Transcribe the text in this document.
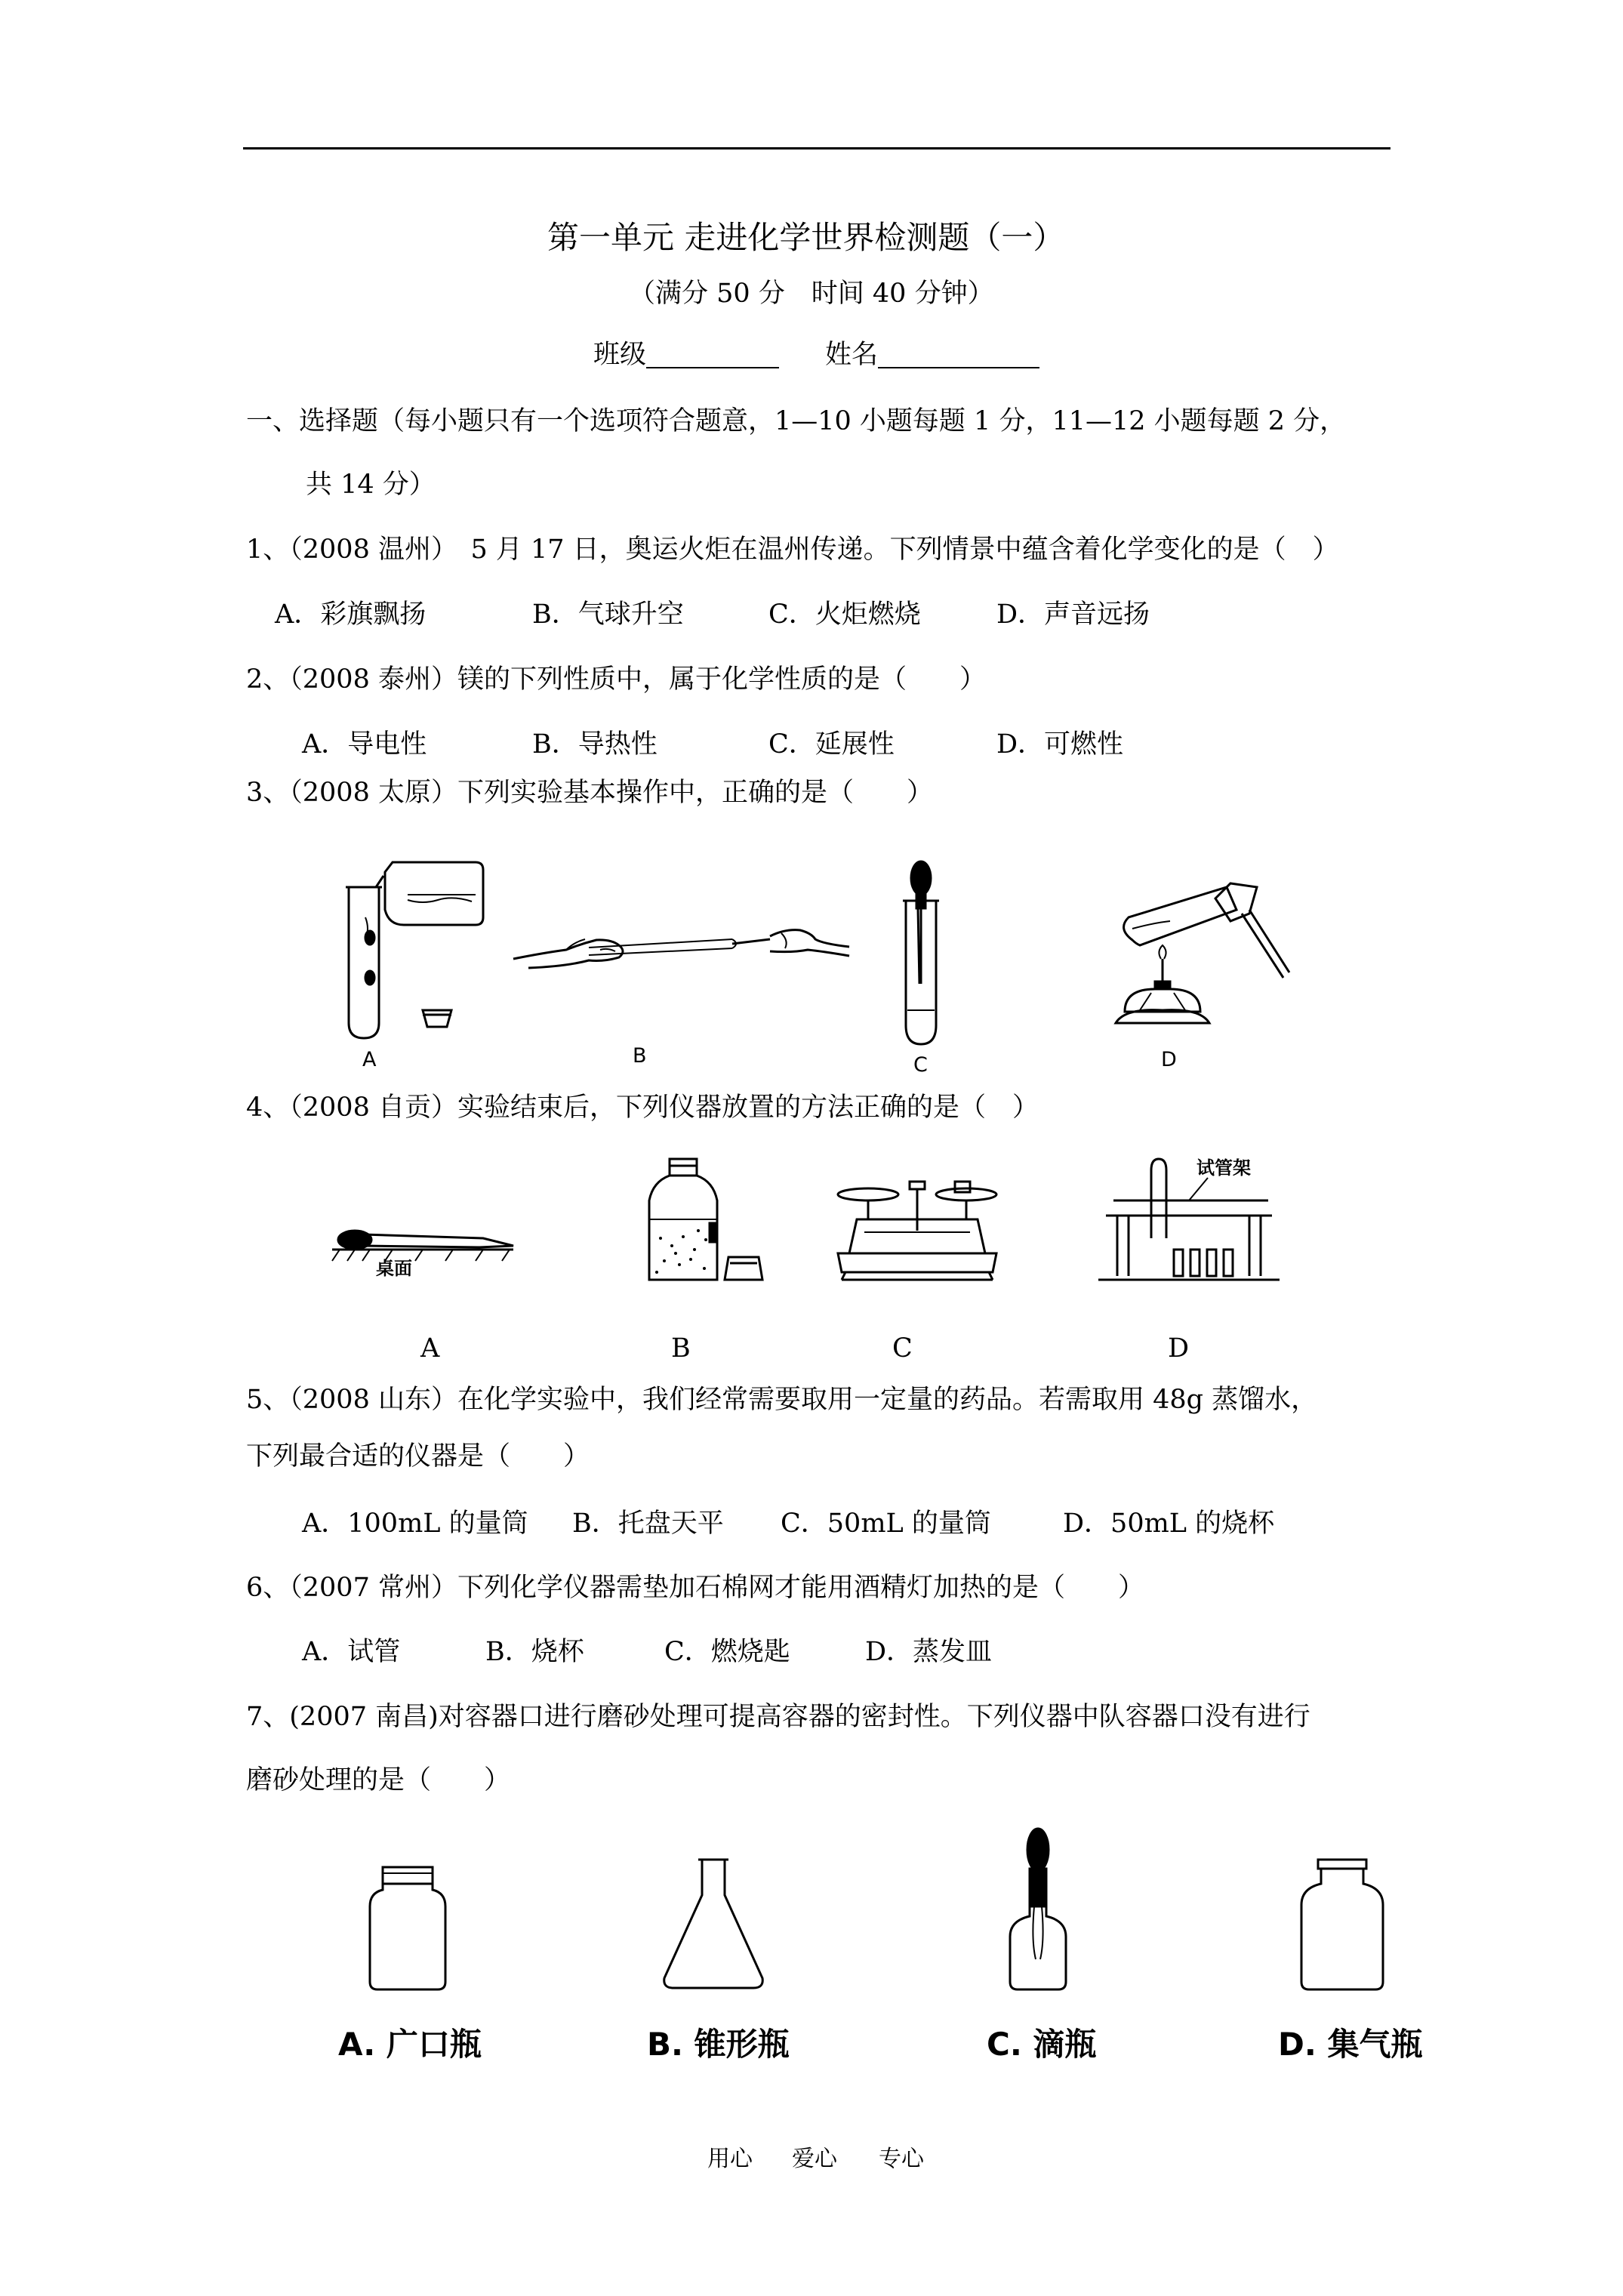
第一单元 走进化学世界检测题（一）
（满分 50 分　时间 40 分钟）
班级	姓名
一、选择题（每小题只有一个选项符合题意，1—10 小题每题 1 分，11—12 小题每题 2 分，
共 14 分）
1、（2008 温州）　5 月 17 日，奥运火炬在温州传递。下列情景中蕴含着化学变化的是（　）
A．彩旗飘扬	B．气球升空	C．火炬燃烧	D．声音远扬
2、（2008 泰州）镁的下列性质中，属于化学性质的是（　　）
A．导电性	B．导热性	C．延展性	D．可燃性
3、（2008 太原）下列实验基本操作中，正确的是（　　）
A	B	C	D
4、（2008 自贡）实验结束后，下列仪器放置的方法正确的是（　）
桌面
A	B	C
试管架
D
5、（2008 山东）在化学实验中，我们经常需要取用一定量的药品。若需取用 48g 蒸馏水，
下列最合适的仪器是（　　）
A．100mL 的量筒 B．托盘天平 C．50mL 的量筒	D．50mL 的烧杯
6、（2007 常州）下列化学仪器需垫加石棉网才能用酒精灯加热的是（　　）
A．试管	B．烧杯	C．燃烧匙	D．蒸发皿
7、(2007 南昌)对容器口进行磨砂处理可提高容器的密封性。下列仪器中队容器口没有进行
磨砂处理的是（　　）
A. 广口瓶	B. 锥形瓶	C. 滴瓶	D. 集气瓶
用心 爱心 专心
